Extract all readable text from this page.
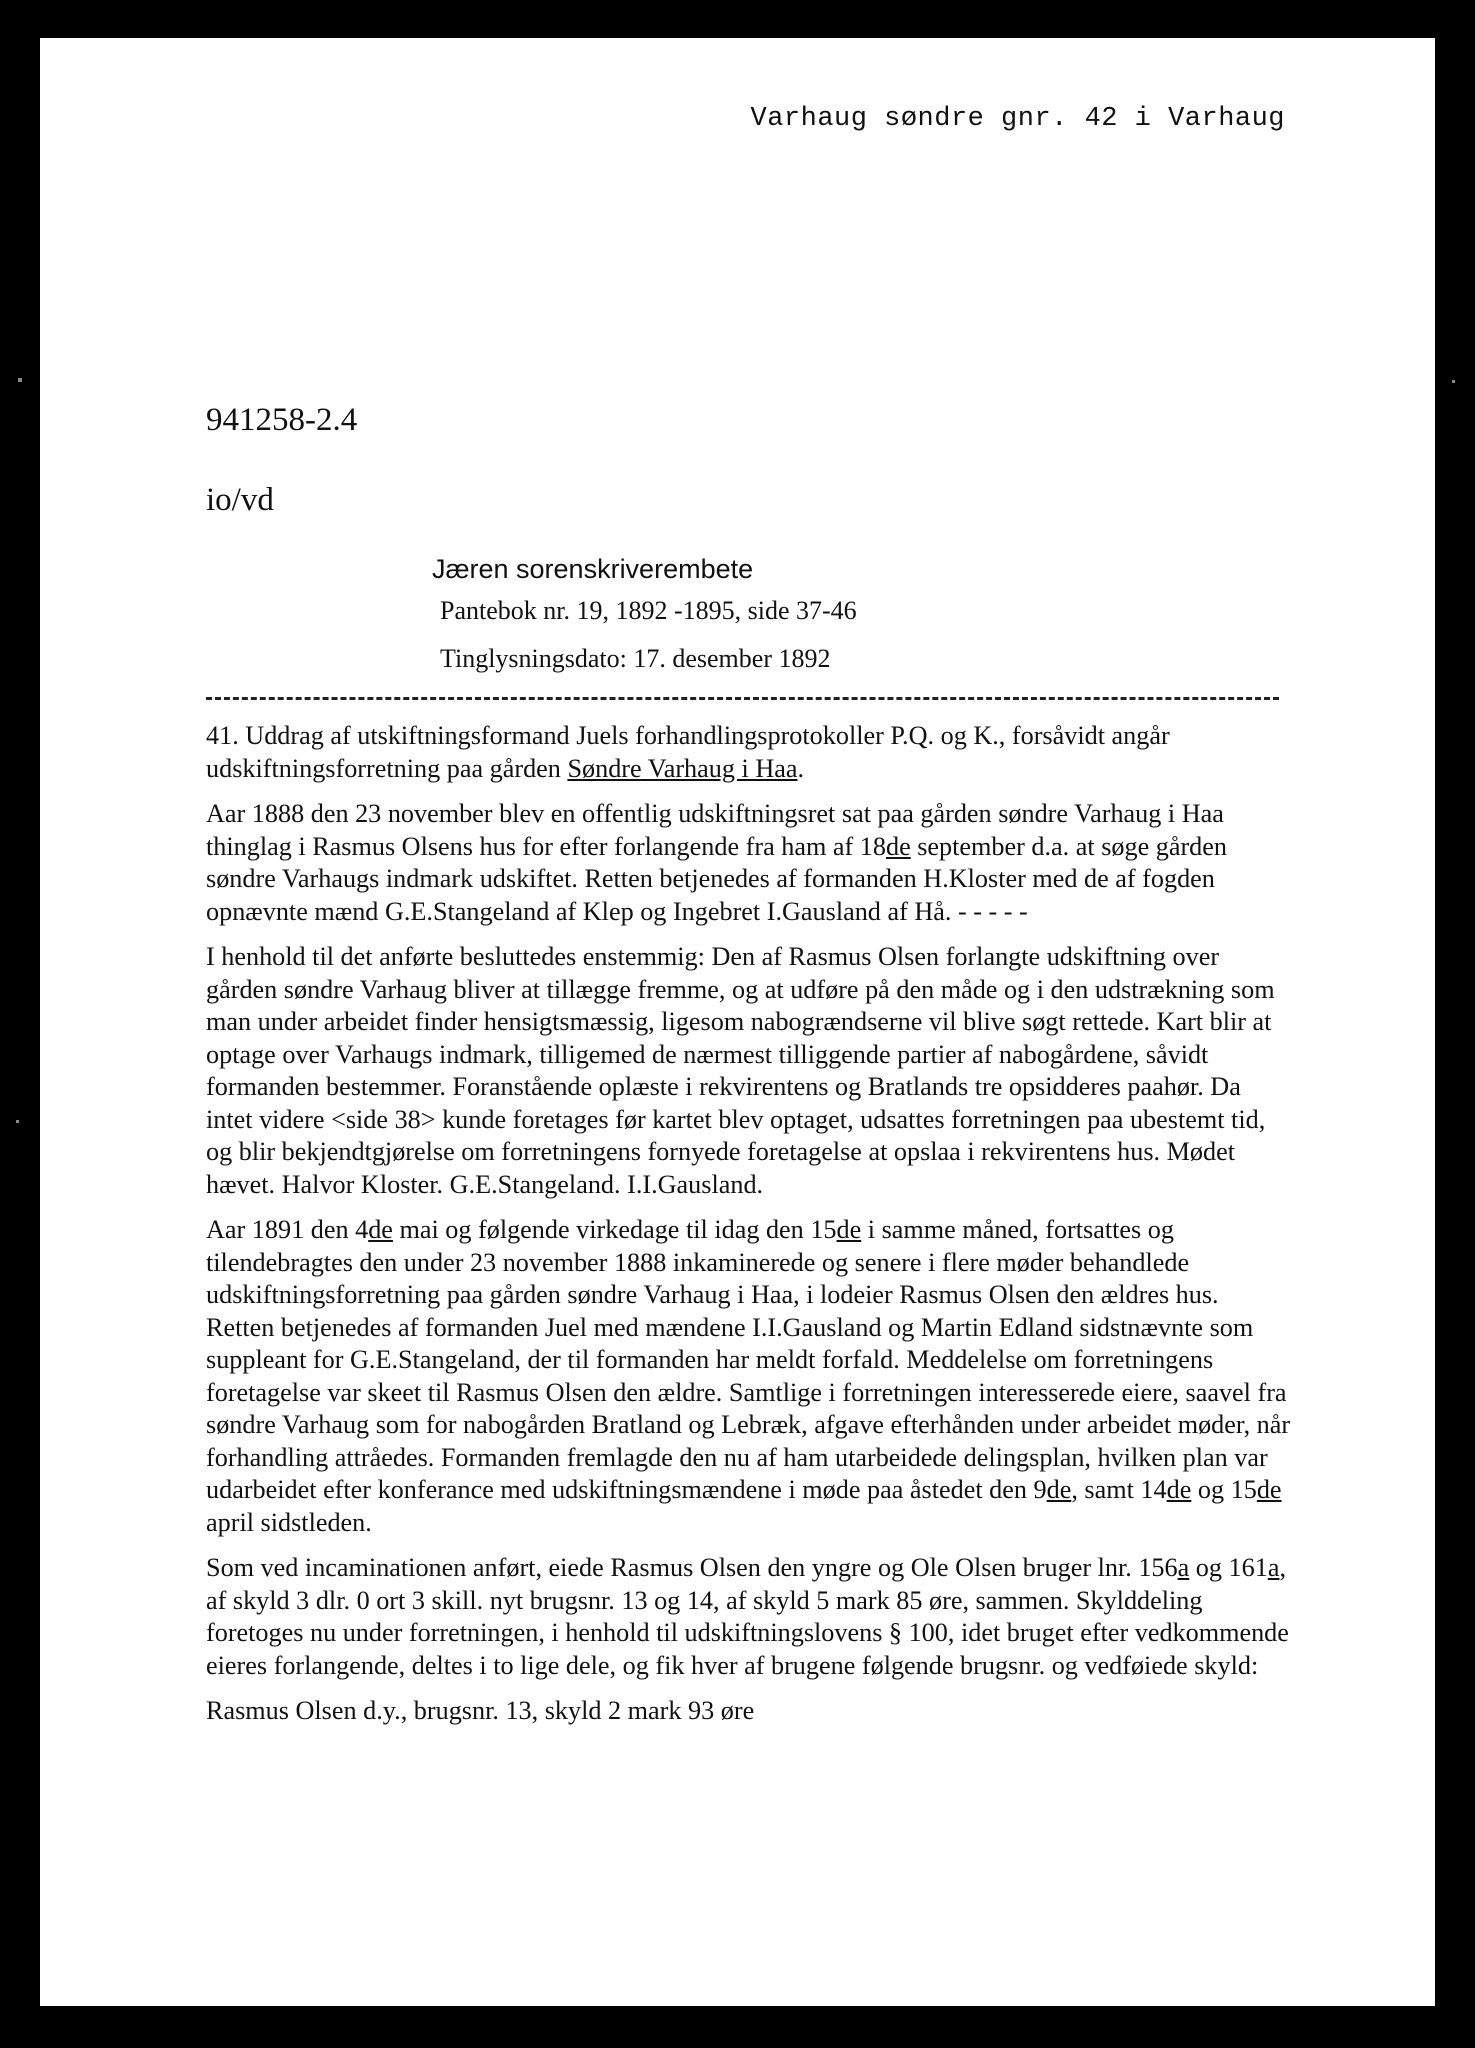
Varhaug søndre gnr. 42 i Varhaug
941258-2.4
io/vd
Jæren sorenskriverembete
Pantebok nr. 19, 1892 -1895, side 37-46
Tinglysningsdato: 17. desember 1892

41. Uddrag af utskiftningsformand Juels forhandlingsprotokoller P.Q. og K., forsåvidt angår udskiftningsforretning paa gården Søndre Varhaug i Haa.

Aar 1888 den 23 november blev en offentlig udskiftningsret sat paa gården søndre Varhaug i Haa thinglag i Rasmus Olsens hus for efter forlangende fra ham af 18de september d.a. at søge gården søndre Varhaugs indmark udskiftet. Retten betjenedes af formanden H.Kloster med de af fogden opnævnte mænd G.E.Stangeland af Klep og Ingebret I.Gausland af Hå. - - - - -

I henhold til det anførte besluttedes enstemmig: Den af Rasmus Olsen forlangte udskiftning over gården søndre Varhaug bliver at tillægge fremme, og at udføre på den måde og i den udstrækning som man under arbeidet finder hensigtsmæssig, ligesom nabogrændserne vil blive søgt rettede. Kart blir at optage over Varhaugs indmark, tilligemed de nærmest tilliggende partier af nabogårdene, såvidt formanden bestemmer. Foranstående oplæste i rekvirentens og Bratlands tre opsidderes paahør. Da intet videre <side 38> kunde foretages før kartet blev optaget, udsattes forretningen paa ubestemt tid, og blir bekjendtgjørelse om forretningens fornyede foretagelse at opslaa i rekvirentens hus. Mødet hævet. Halvor Kloster. G.E.Stangeland. I.I.Gausland.

Aar 1891 den 4de mai og følgende virkedage til idag den 15de i samme måned, fortsattes og tilendebragtes den under 23 november 1888 inkaminerede og senere i flere møder behandlede udskiftningsforretning paa gården søndre Varhaug i Haa, i lodeier Rasmus Olsen den ældres hus. Retten betjenedes af formanden Juel med mændene I.I.Gausland og Martin Edland sidstnævnte som suppleant for G.E.Stangeland, der til formanden har meldt forfald. Meddelelse om forretningens foretagelse var skeet til Rasmus Olsen den ældre. Samtlige i forretningen interesserede eiere, saavel fra søndre Varhaug som for nabogården Bratland og Lebræk, afgave efterhånden under arbeidet møder, når forhandling attråedes. Formanden fremlagde den nu af ham utarbeidede delingsplan, hvilken plan var udarbeidet efter konferance med udskiftningsmændene i møde paa åstedet den 9de, samt 14de og 15de april sidstleden.

Som ved incaminationen anført, eiede Rasmus Olsen den yngre og Ole Olsen bruger lnr. 156a og 161a, af skyld 3 dlr. 0 ort 3 skill. nyt brugsnr. 13 og 14, af skyld 5 mark 85 øre, sammen. Skylddeling foretoges nu under forretningen, i henhold til udskiftningslovens § 100, idet bruget efter vedkommende eieres forlangende, deltes i to lige dele, og fik hver af brugene følgende brugsnr. og vedføiede skyld:

Rasmus Olsen d.y., brugsnr. 13, skyld 2 mark 93 øre
